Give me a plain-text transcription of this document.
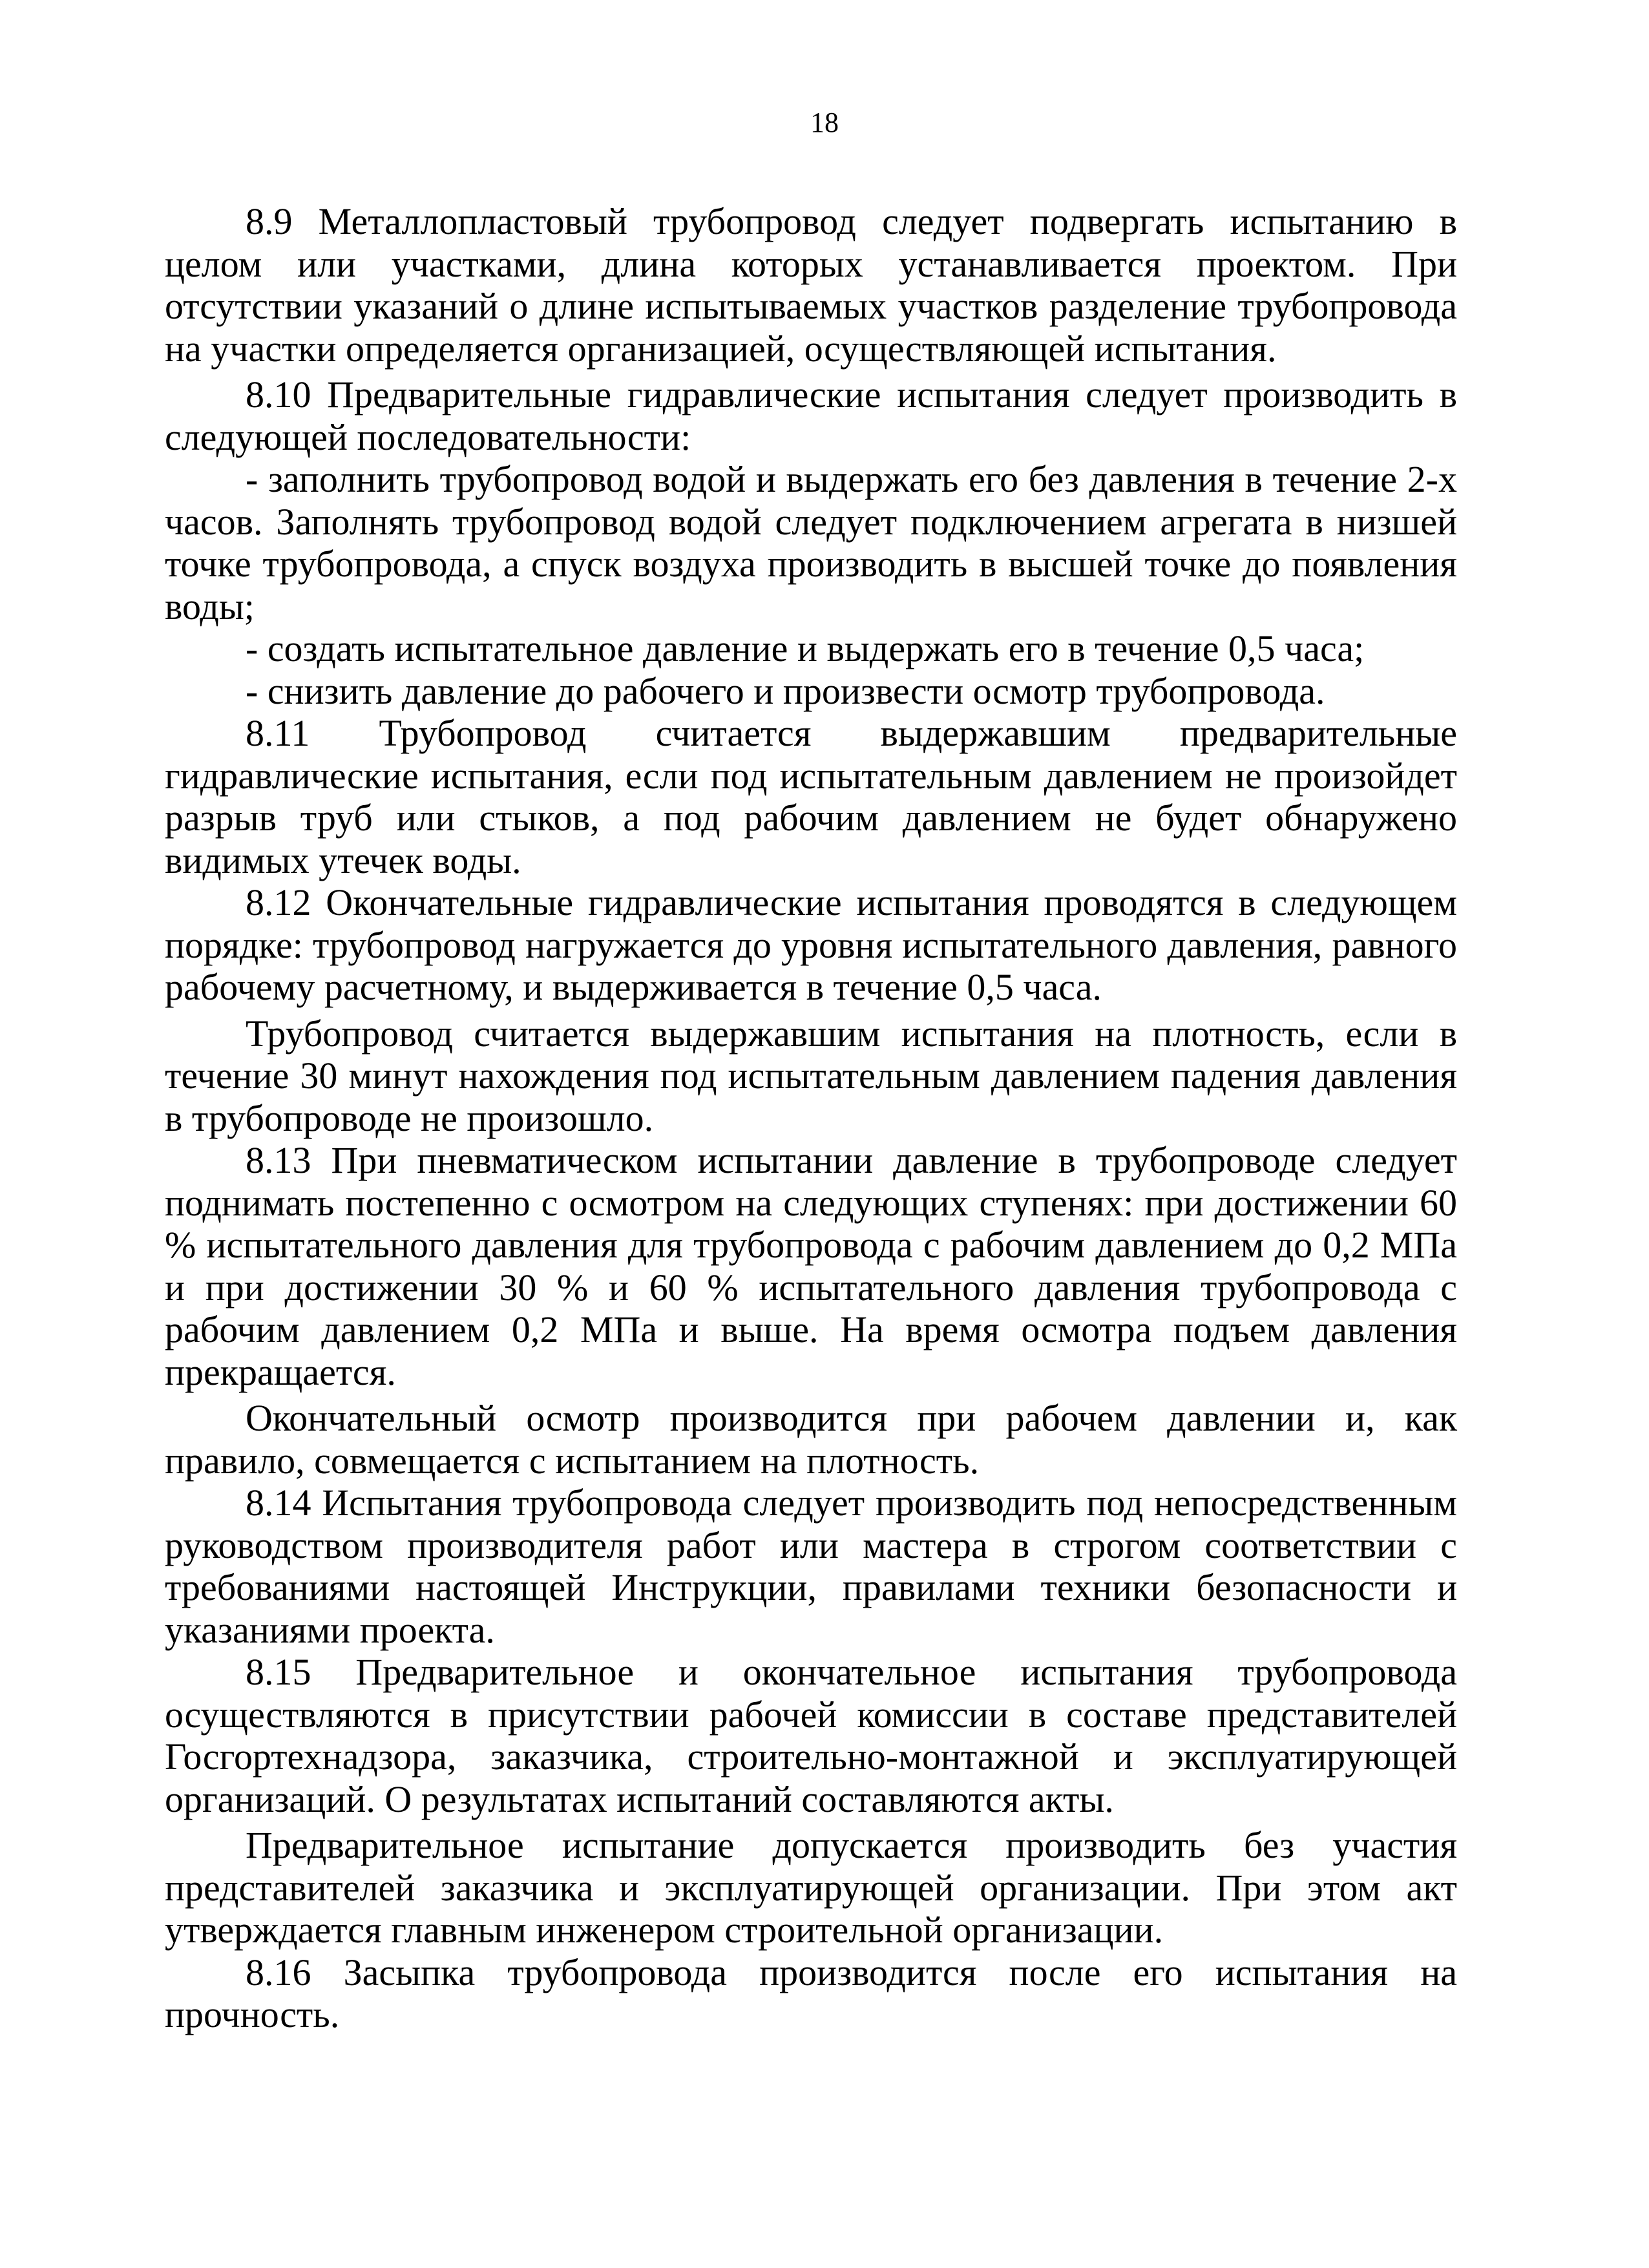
18

8.9 Металлопластовый трубопровод следует подвергать испытанию в целом или участками, длина которых устанавливается проектом. При отсутствии указаний о длине испытываемых участков разделение трубопровода на участки определяется организацией, осуществляющей испытания.

8.10 Предварительные гидравлические испытания следует производить в следующей последовательности:

- заполнить трубопровод водой и выдержать его без давления в течение 2-х часов. Заполнять трубопровод водой следует подключением агрегата в низшей точке трубопровода, а спуск воздуха производить в высшей точке до появления воды;

- создать испытательное давление и выдержать его в течение 0,5 часа;

- снизить давление до рабочего и произвести осмотр трубопровода.

8.11 Трубопровод считается выдержавшим предварительные гидравлические испытания, если под испытательным давлением не произойдет разрыв труб или стыков, а под рабочим давлением не будет обнаружено видимых утечек воды.

8.12 Окончательные гидравлические испытания проводятся в следующем порядке: трубопровод нагружается до уровня испытательного давления, равного рабочему расчетному, и выдерживается в течение 0,5 часа.

Трубопровод считается выдержавшим испытания на плотность, если в течение 30 минут нахождения под испытательным давлением падения давления в трубопроводе не произошло.

8.13 При пневматическом испытании давление в трубопроводе следует поднимать постепенно с осмотром на следующих ступенях: при достижении 60 % испытательного давления для трубопровода с рабочим давлением до 0,2 МПа и при достижении 30 % и 60 % испытательного давления трубопровода с рабочим давлением 0,2 МПа и выше. На время осмотра подъем давления прекращается.

Окончательный осмотр производится при рабочем давлении и, как правило, совмещается с испытанием на плотность.

8.14 Испытания трубопровода следует производить под непосредственным руководством производителя работ или мастера в строгом соответствии с требованиями настоящей Инструкции, правилами техники безопасности и указаниями проекта.

8.15 Предварительное и окончательное испытания трубопровода осуществляются в присутствии рабочей комиссии в составе представителей Госгортехнадзора, заказчика, строительно-монтажной и эксплуатирующей организаций. О результатах испытаний составляются акты.

Предварительное испытание допускается производить без участия представителей заказчика и эксплуатирующей организации. При этом акт утверждается главным инженером строительной организации.

8.16 Засыпка трубопровода производится после его испытания на прочность.
